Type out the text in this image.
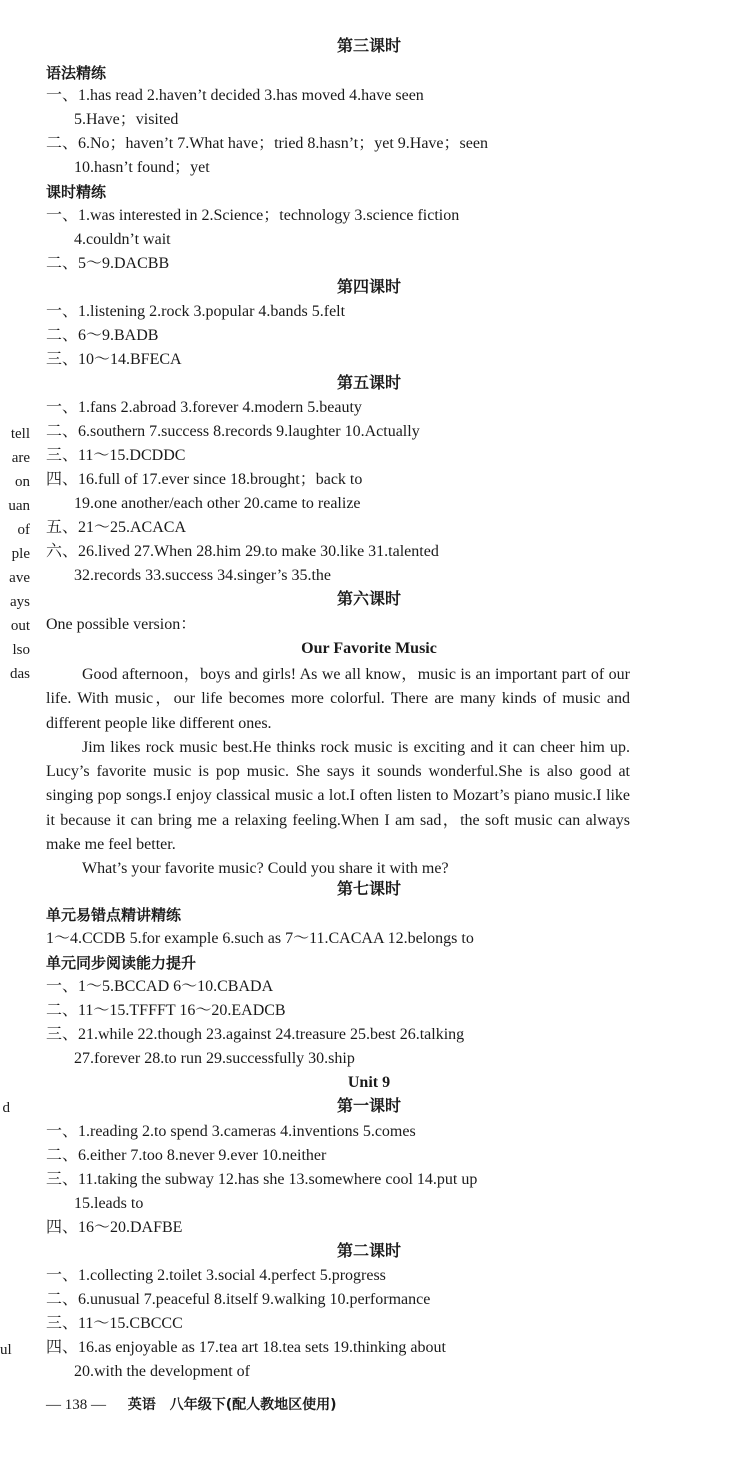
tell
are
on
uan
of
ple
ave
ays
out
lso
das
d
ul
第三课时
语法精练
一、1.has read 2.haven’t decided 3.has moved 4.have seen
5.Have；visited
二、6.No；haven’t 7.What have；tried 8.hasn’t；yet 9.Have；seen
10.hasn’t found；yet
课时精练
一、1.was interested in 2.Science；technology 3.science fiction
4.couldn’t wait
二、5～9.DACBB
第四课时
一、1.listening 2.rock 3.popular 4.bands 5.felt
二、6～9.BADB
三、10～14.BFECA
第五课时
一、1.fans 2.abroad 3.forever 4.modern 5.beauty
二、6.southern 7.success 8.records 9.laughter 10.Actually
三、11～15.DCDDC
四、16.full of 17.ever since 18.brought；back to
19.one another/each other 20.came to realize
五、21～25.ACACA
六、26.lived 27.When 28.him 29.to make 30.like 31.talented
32.records 33.success 34.singer’s 35.the
第六课时
One possible version：
Our Favorite Music

Good afternoon，boys and girls! As we all know，music is an important part of our life. With music，our life becomes more colorful. There are many kinds of music and different people like different ones.

Jim likes rock music best.He thinks rock music is exciting and it can cheer him up. Lucy’s favorite music is pop music. She says it sounds wonderful.She is also good at singing pop songs.I enjoy classical music a lot.I often listen to Mozart’s piano music.I like it because it can bring me a relaxing feeling.When I am sad，the soft music can always make me feel better.

What’s your favorite music? Could you share it with me?

第七课时
单元易错点精讲精练
1～4.CCDB 5.for example 6.such as 7～11.CACAA 12.belongs to
单元同步阅读能力提升
一、1～5.BCCAD 6～10.CBADA
二、11～15.TFFFT 16～20.EADCB
三、21.while 22.though 23.against 24.treasure 25.best 26.talking
27.forever 28.to run 29.successfully 30.ship
Unit 9
第一课时
一、1.reading 2.to spend 3.cameras 4.inventions 5.comes
二、6.either 7.too 8.never 9.ever 10.neither
三、11.taking the subway 12.has she 13.somewhere cool 14.put up
15.leads to
四、16～20.DAFBE
第二课时
一、1.collecting 2.toilet 3.social 4.perfect 5.progress
二、6.unusual 7.peaceful 8.itself 9.walking 10.performance
三、11～15.CBCCC
四、16.as enjoyable as 17.tea art 18.tea sets 19.thinking about
20.with the development of
— 138 — 英语　八年级下(配人教地区使用)
